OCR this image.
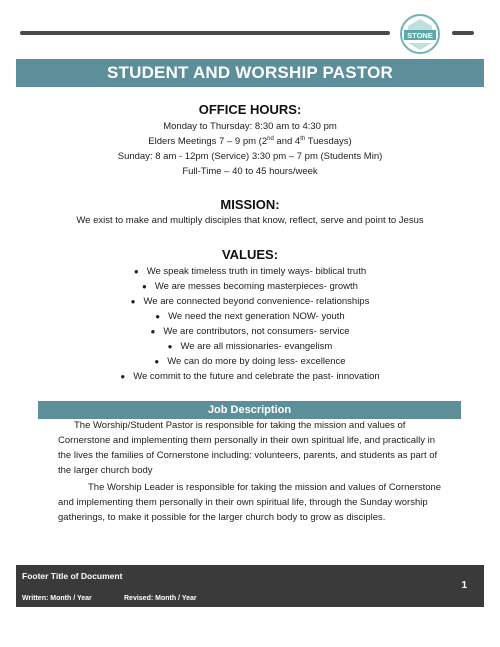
STONE
STUDENT AND WORSHIP PASTOR
OFFICE HOURS:
Monday to Thursday: 8:30 am to 4:30 pm
Elders Meetings 7 – 9 pm (2nd and 4th Tuesdays)
Sunday: 8 am - 12pm (Service) 3:30 pm – 7 pm (Students Min)
Full-Time – 40 to 45 hours/week
MISSION:
We exist to make and multiply disciples that know, reflect, serve and point to Jesus
VALUES:
● We speak timeless truth in timely ways- biblical truth
● We are messes becoming masterpieces- growth
● We are connected beyond convenience- relationships
● We need the next generation NOW- youth
● We are contributors, not consumers- service
● We are all missionaries- evangelism
● We can do more by doing less- excellence
● We commit to the future and celebrate the past- innovation
Job Description

The Worship/Student Pastor is responsible for taking the mission and values of Cornerstone and implementing them personally in their own spiritual life, and practically in the lives the families of Cornerstone including: volunteers, parents, and students as part of the larger church body

The Worship Leader is responsible for taking the mission and values of Cornerstone and implementing them personally in their own spiritual life, through the Sunday worship gatherings, to make it possible for the larger church body to grow as disciples.

Footer Title of Document
Written: Month / Year	Revised: Month / Year
1
